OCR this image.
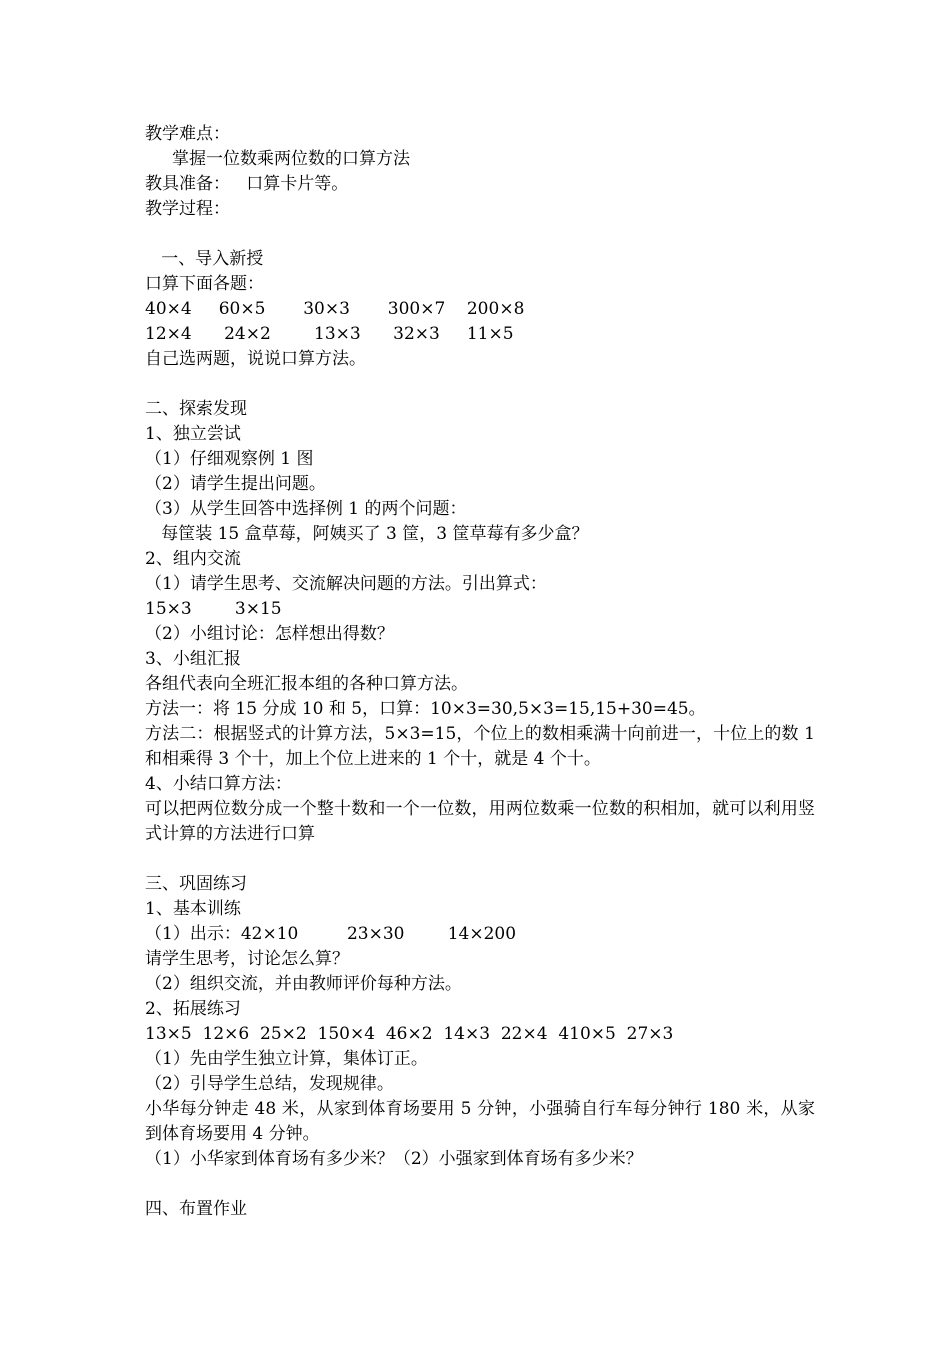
教学难点：
掌握一位数乘两位数的口算方法
教具准备：   口算卡片等。
教学过程：
一、导入新授
口算下面各题：
40×4     60×5       30×3       300×7    200×8
12×4      24×2        13×3      32×3     11×5
自己选两题，说说口算方法。
二、探索发现
1、独立尝试
（1）仔细观察例 1 图
（2）请学生提出问题。
（3）从学生回答中选择例 1 的两个问题：
每筐装 15 盒草莓，阿姨买了 3 筐，3 筐草莓有多少盒？
2、组内交流
（1）请学生思考、交流解决问题的方法。引出算式：
15×3        3×15
（2）小组讨论：怎样想出得数？
3、小组汇报
各组代表向全班汇报本组的各种口算方法。
方法一：将 15 分成 10 和 5，口算：10×3=30,5×3=15,15+30=45。
方法二：根据竖式的计算方法，5×3=15，个位上的数相乘满十向前进一，十位上的数 1 和相乘得 3 个十，加上个位上进来的 1 个十，就是 4 个十。
4、小结口算方法：
可以把两位数分成一个整十数和一个一位数，用两位数乘一位数的积相加，就可以利用竖式计算的方法进行口算
三、巩固练习
1、基本训练
（1）出示：42×10         23×30        14×200
请学生思考，讨论怎么算？
（2）组织交流，并由教师评价每种方法。
2、拓展练习
13×5  12×6  25×2  150×4  46×2  14×3  22×4  410×5  27×3
（1）先由学生独立计算，集体订正。
（2）引导学生总结，发现规律。
小华每分钟走 48 米，从家到体育场要用 5 分钟，小强骑自行车每分钟行 180 米，从家到体育场要用 4 分钟。
（1）小华家到体育场有多少米？（2）小强家到体育场有多少米？
四、布置作业
